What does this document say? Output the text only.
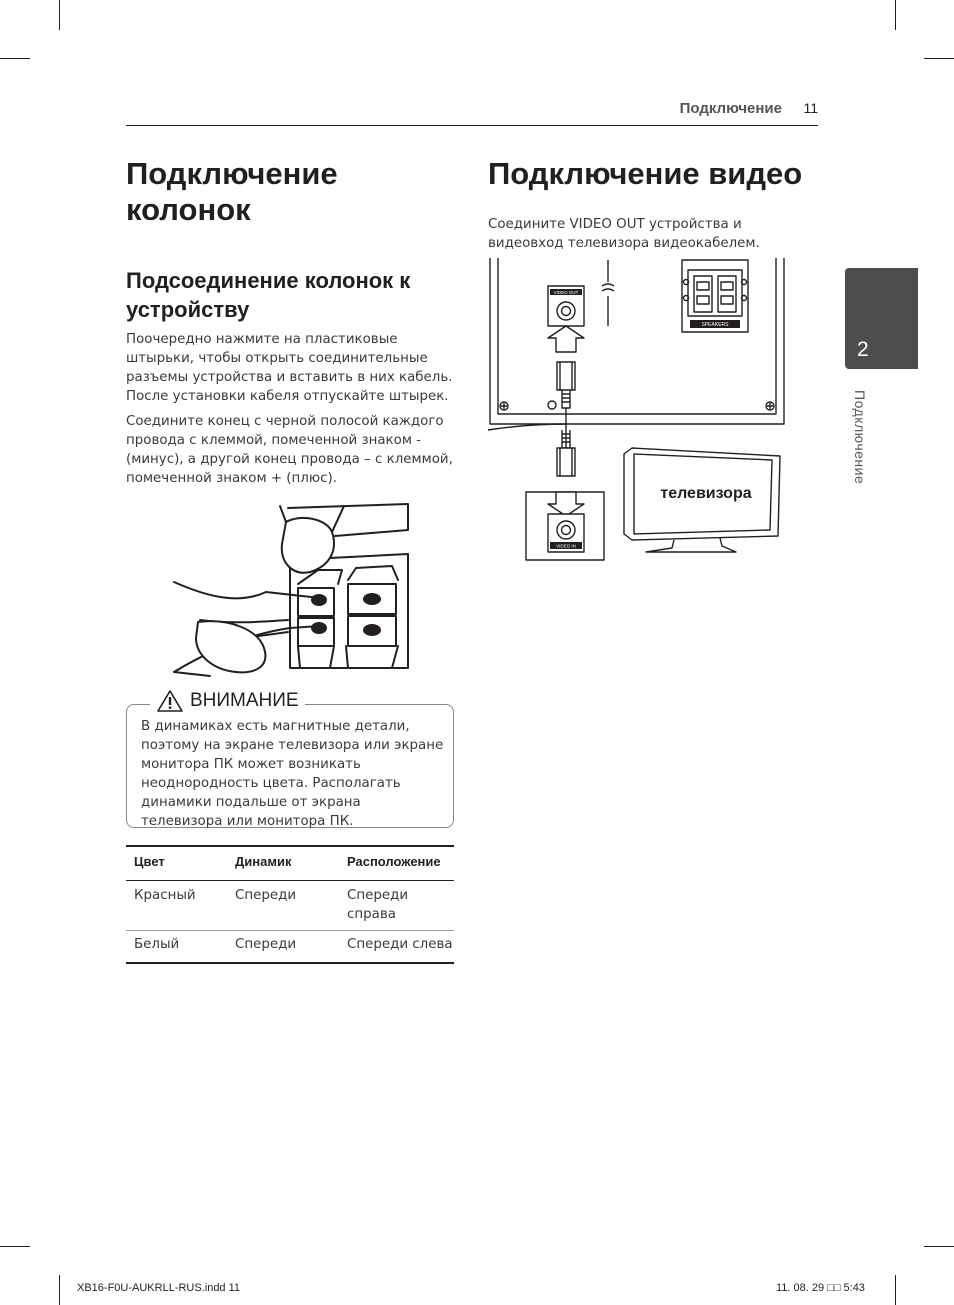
Подключение 11
Подключение колонок
Подсоединение колонок к устройству
Поочередно нажмите на пластиковые штырьки, чтобы открыть соединительные разъемы устройства и вставить в них кабель. После установки кабеля отпускайте штырек.
Соедините конец с черной полосой каждого провода с клеммой, помеченной знаком - (минус), а другой конец провода – с клеммой, помеченной знаком + (плюс).
ВНИМАНИЕ
В динамиках есть магнитные детали, поэтому на экране телевизора или экране монитора ПК может возникать неоднородность цвета. Располагать динамики подальше от экрана телевизора или монитора ПК.
Цвет	Динамик	Расположение
Красный	Спереди	Спереди справа
Белый	Спереди	Спереди слева
Подключение видео
Соедините VIDEO OUT устройства и видеовход телевизора видеокабелем.
VIDEO OUT
SPEAKERS
VIDEO IN
телевизора
2
Подключение
XB16-F0U-AUKRLL-RUS.indd 11	11. 08. 29 □□ 5:43
